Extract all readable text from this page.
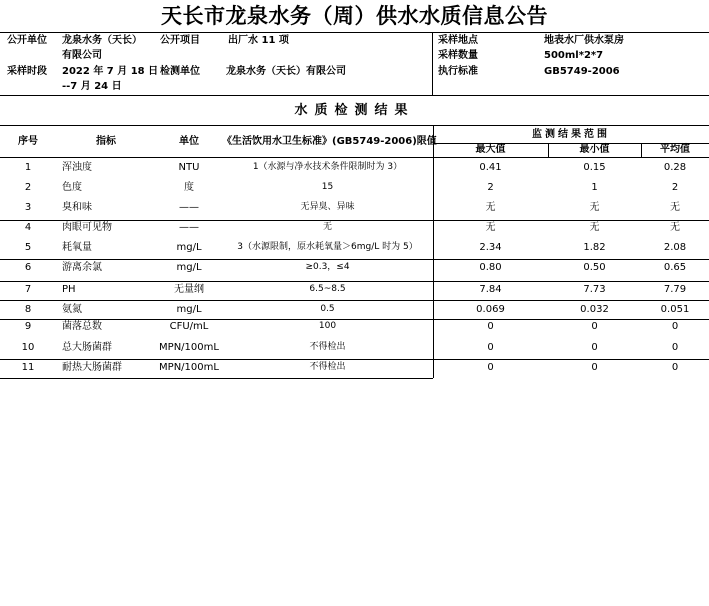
天长市龙泉水务（周）供水水质信息公告
公开单位 龙泉水务（天长）
有限公司
公开项目	出厂水 11 项
采样时段 2022 年 7 月 18 日
--7 月 24 日
检测单位	龙泉水务（天长）有限公司
采样地点	地表水厂供水泵房
采样数量	500ml*2*7
执行标准	GB5749-2006
水质检测结果
序号	指标	单位	《生活饮用水卫生标准》(GB5749-2006)限值
监测结果范围
最大值	最小值	平均值
1	浑浊度	NTU	1（水源与净水技术条件限制时为 3）	0.41	0.15	0.28
2	色度	度	15	2	1	2
3	臭和味	——	无异臭、异味	无	无	无
4	肉眼可见物	——	无	无	无	无
5	耗氧量	mg/L	3（水源限制，原水耗氧量＞6mg/L 时为 5）	2.34	1.82	2.08
6	游离余氯	mg/L	≥0.3，≤4	0.80	0.50	0.65
7	PH	无量纲	6.5~8.5	7.84	7.73	7.79
8	氨氮	mg/L	0.5	0.069	0.032	0.051
9	菌落总数	CFU/mL	100	0	0	0
10	总大肠菌群	MPN/100mL	不得检出	0	0	0
11	耐热大肠菌群	MPN/100mL	不得检出	0	0	0
